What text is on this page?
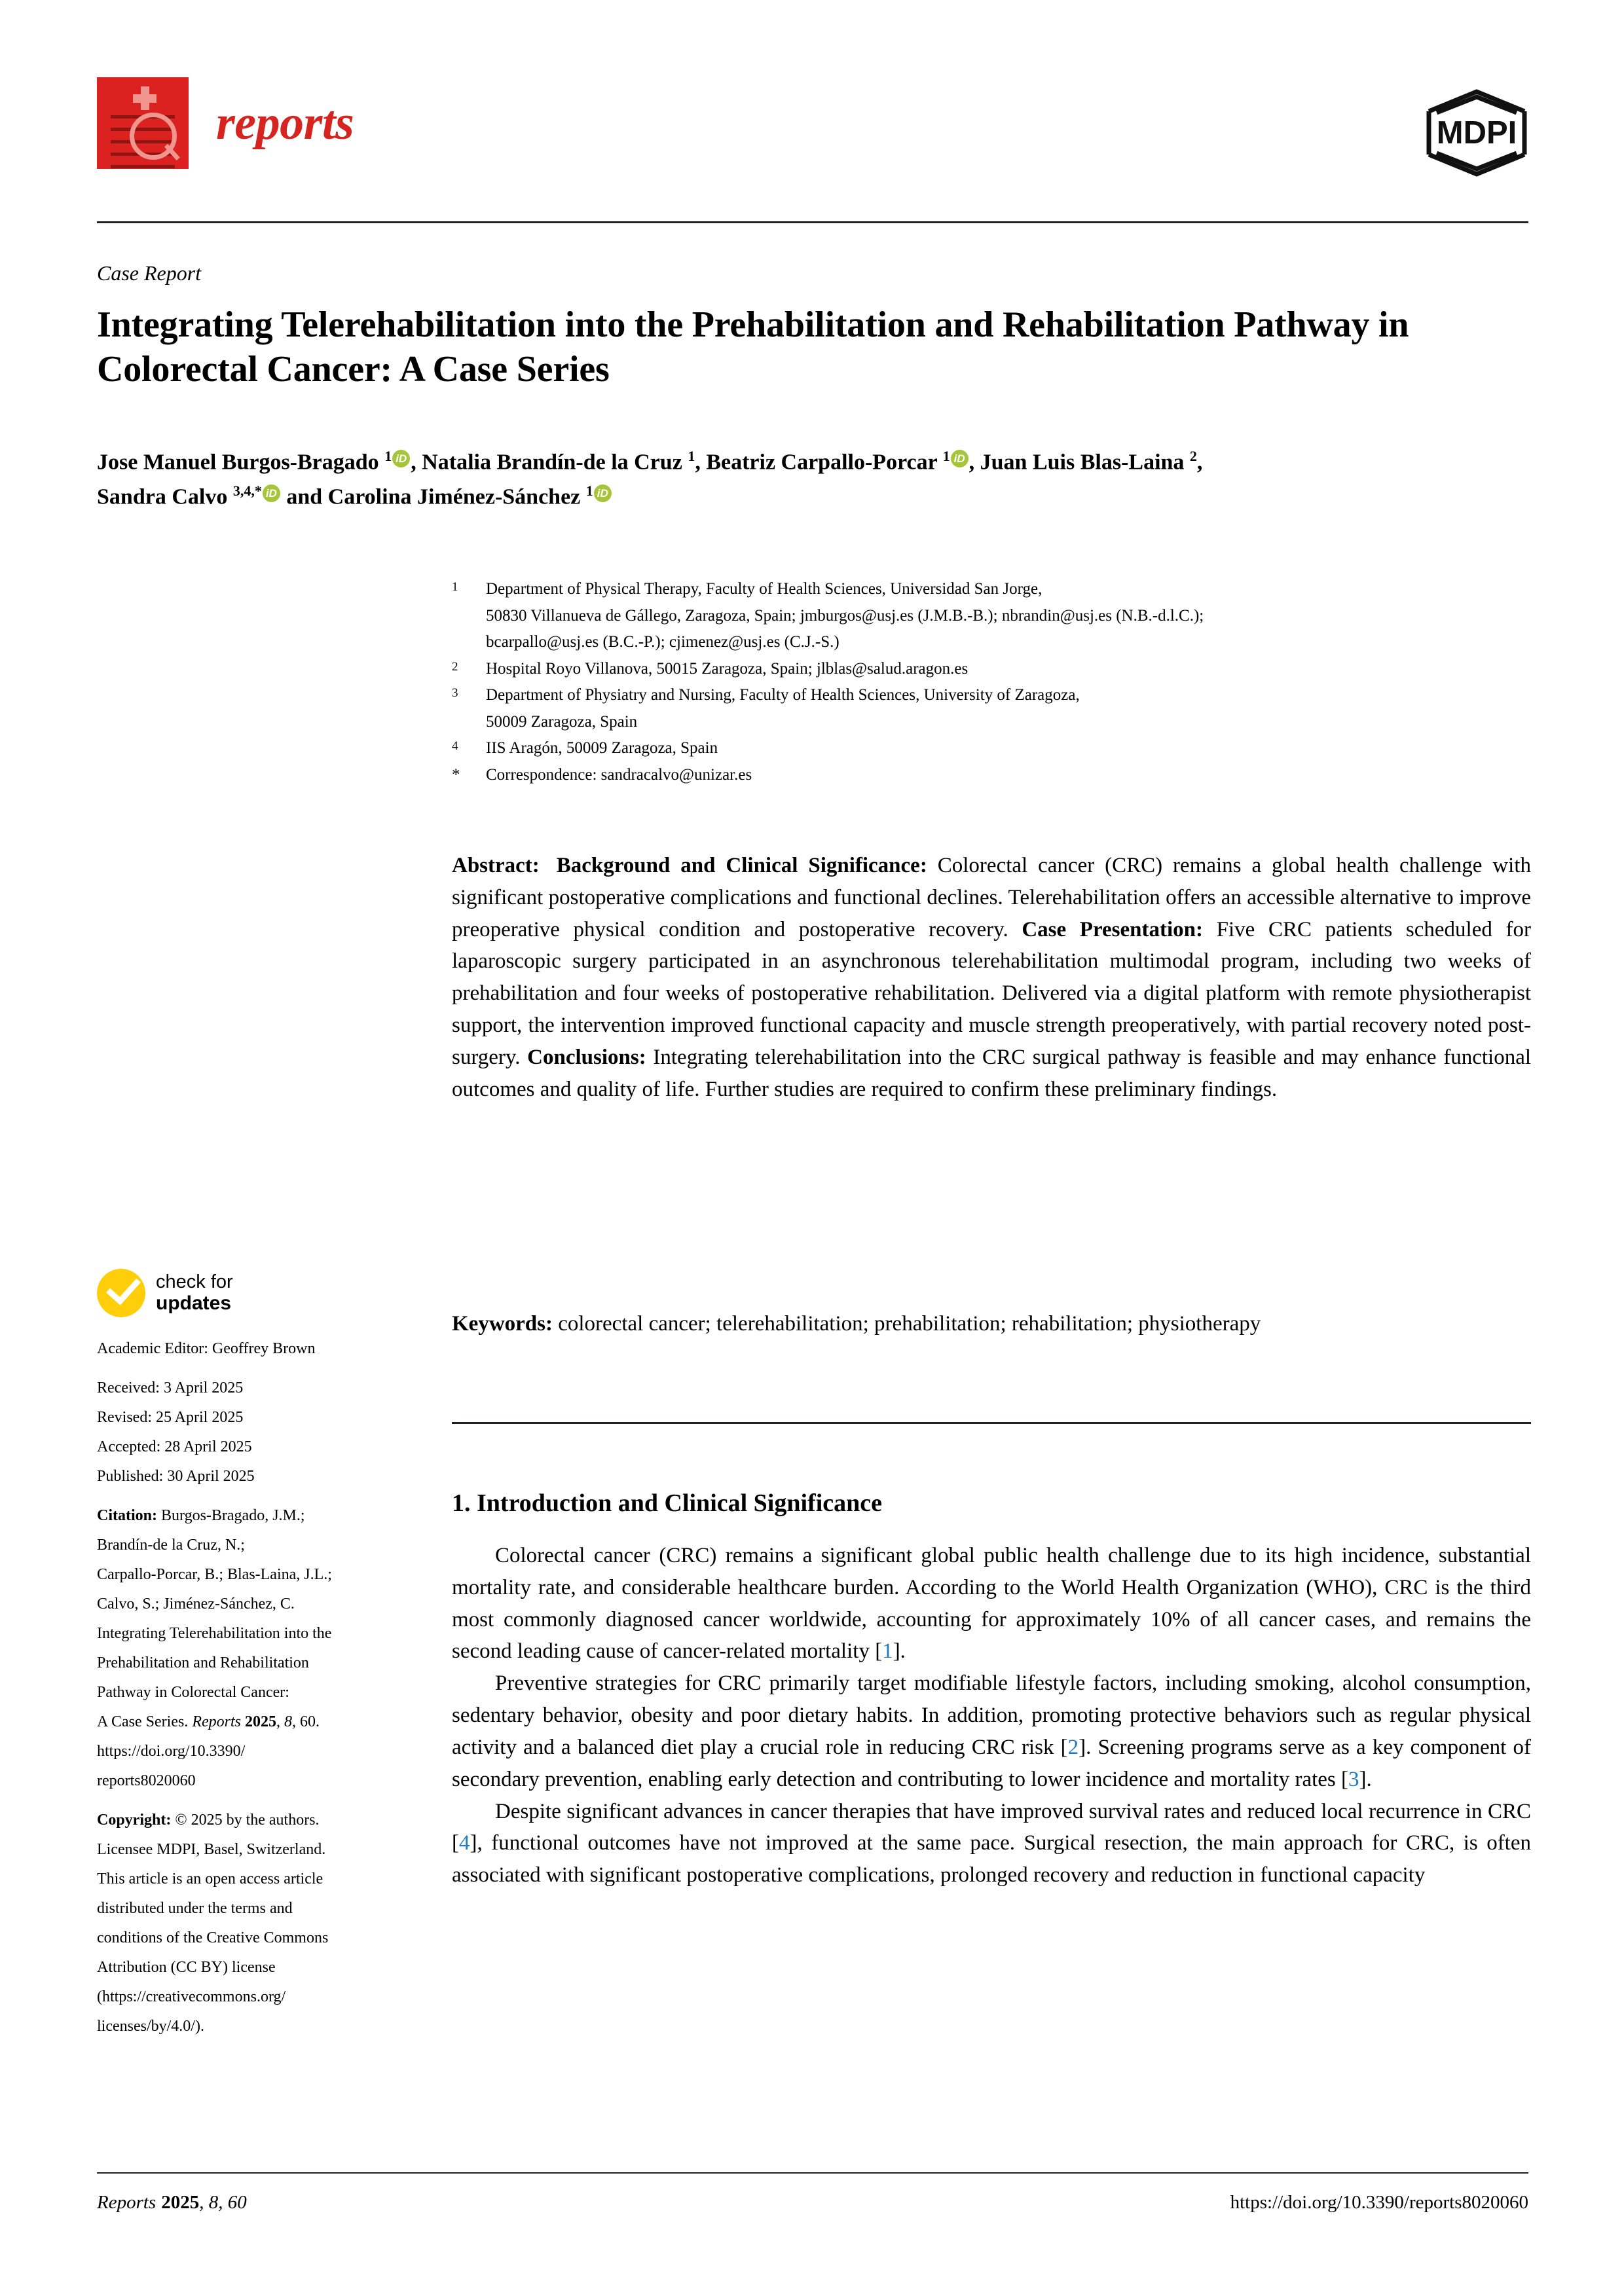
reports	MDPI
Case Report
Integrating Telerehabilitation into the Prehabilitation and Rehabilitation Pathway in Colorectal Cancer: A Case Series
Jose Manuel Burgos-Bragado $^1$ iD , Natalia Brandín-de la Cruz $^1$, Beatriz Carpallo-Porcar $^1$ iD , Juan Luis Blas-Laina $^2$,
Sandra Calvo $^{3,4,*}$ iD and Carolina Jiménez-Sánchez $^1$ iD
1	Department of Physical Therapy, Faculty of Health Sciences, Universidad San Jorge,
50830 Villanueva de Gállego, Zaragoza, Spain; jmburgos@usj.es (J.M.B.-B.); nbrandin@usj.es (N.B.-d.l.C.);
bcarpallo@usj.es (B.C.-P.); cjimenez@usj.es (C.J.-S.)
2	Hospital Royo Villanova, 50015 Zaragoza, Spain; jlblas@salud.aragon.es
3	Department of Physiatry and Nursing, Faculty of Health Sciences, University of Zaragoza,
50009 Zaragoza, Spain
4	IIS Aragón, 50009 Zaragoza, Spain
*	Correspondence: sandracalvo@unizar.es
Abstract: Background and Clinical Significance: Colorectal cancer (CRC) remains a global health challenge with significant postoperative complications and functional declines. Telerehabilitation offers an accessible alternative to improve preoperative physical condition and postoperative recovery. Case Presentation: Five CRC patients scheduled for laparoscopic surgery participated in an asynchronous telerehabilitation multimodal program, including two weeks of prehabilitation and four weeks of postoperative rehabilitation. Delivered via a digital platform with remote physiotherapist support, the intervention improved functional capacity and muscle strength preoperatively, with partial recovery noted post-surgery. Conclusions: Integrating telerehabilitation into the CRC surgical pathway is feasible and may enhance functional outcomes and quality of life. Further studies are required to confirm these preliminary findings.
Keywords: colorectal cancer; telerehabilitation; prehabilitation; rehabilitation; physiotherapy
1. Introduction and Clinical Significance

Colorectal cancer (CRC) remains a significant global public health challenge due to its high incidence, substantial mortality rate, and considerable healthcare burden. According to the World Health Organization (WHO), CRC is the third most commonly diagnosed cancer worldwide, accounting for approximately 10% of all cancer cases, and remains the second leading cause of cancer-related mortality [1].

Preventive strategies for CRC primarily target modifiable lifestyle factors, including smoking, alcohol consumption, sedentary behavior, obesity and poor dietary habits. In addition, promoting protective behaviors such as regular physical activity and a balanced diet play a crucial role in reducing CRC risk [2]. Screening programs serve as a key component of secondary prevention, enabling early detection and contributing to lower incidence and mortality rates [3].

Despite significant advances in cancer therapies that have improved survival rates and reduced local recurrence in CRC [4], functional outcomes have not improved at the same pace. Surgical resection, the main approach for CRC, is often associated with significant postoperative complications, prolonged recovery and reduction in functional capacity

check for
updates
Academic Editor: Geoffrey Brown
Received: 3 April 2025
Revised: 25 April 2025
Accepted: 28 April 2025
Published: 30 April 2025
Citation: Burgos-Bragado, J.M.;
Brandín-de la Cruz, N.;
Carpallo-Porcar, B.; Blas-Laina, J.L.;
Calvo, S.; Jiménez-Sánchez, C.
Integrating Telerehabilitation into the
Prehabilitation and Rehabilitation
Pathway in Colorectal Cancer:
A Case Series. Reports 2025, 8, 60.
https://doi.org/10.3390/
reports8020060
Copyright: © 2025 by the authors.
Licensee MDPI, Basel, Switzerland.
This article is an open access article
distributed under the terms and
conditions of the Creative Commons
Attribution (CC BY) license
(https://creativecommons.org/
licenses/by/4.0/).
Reports 2025, 8, 60	https://doi.org/10.3390/reports8020060
